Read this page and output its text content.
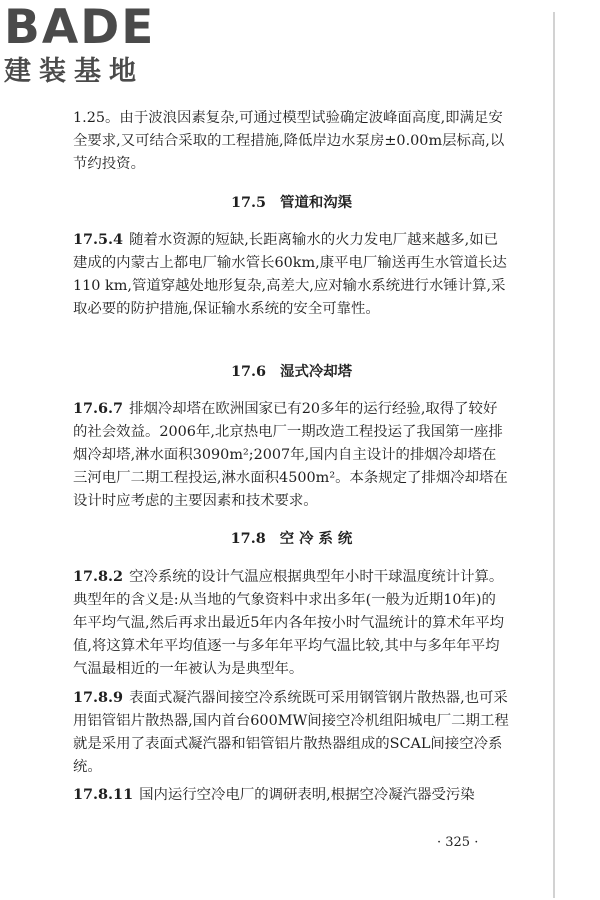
BADE
建装基地

1.25。由于波浪因素复杂,可通过模型试验确定波峰面高度,即满足安全要求,又可结合采取的工程措施,降低岸边水泵房±0.00m层标高,以节约投资。

17.5 管道和沟渠

17.5.4 随着水资源的短缺,长距离输水的火力发电厂越来越多,如已建成的内蒙古上都电厂输水管长60km,康平电厂输送再生水管道长达110 km,管道穿越处地形复杂,高差大,应对输水系统进行水锤计算,采取必要的防护措施,保证输水系统的安全可靠性。

17.6 湿式冷却塔

17.6.7 排烟冷却塔在欧洲国家已有20多年的运行经验,取得了较好的社会效益。2006年,北京热电厂一期改造工程投运了我国第一座排烟冷却塔,淋水面积3090m²;2007年,国内自主设计的排烟冷却塔在三河电厂二期工程投运,淋水面积4500m²。本条规定了排烟冷却塔在设计时应考虑的主要因素和技术要求。

17.8 空 冷 系 统

17.8.2 空冷系统的设计气温应根据典型年小时干球温度统计计算。典型年的含义是:从当地的气象资料中求出多年(一般为近期10年)的年平均气温,然后再求出最近5年内各年按小时气温统计的算术年平均值,将这算术年平均值逐一与多年年平均气温比较,其中与多年年平均气温最相近的一年被认为是典型年。

17.8.9 表面式凝汽器间接空冷系统既可采用钢管钢片散热器,也可采用铝管铝片散热器,国内首台600MW间接空冷机组阳城电厂二期工程就是采用了表面式凝汽器和铝管铝片散热器组成的SCAL间接空冷系统。

17.8.11 国内运行空冷电厂的调研表明,根据空冷凝汽器受污染

· 325 ·
